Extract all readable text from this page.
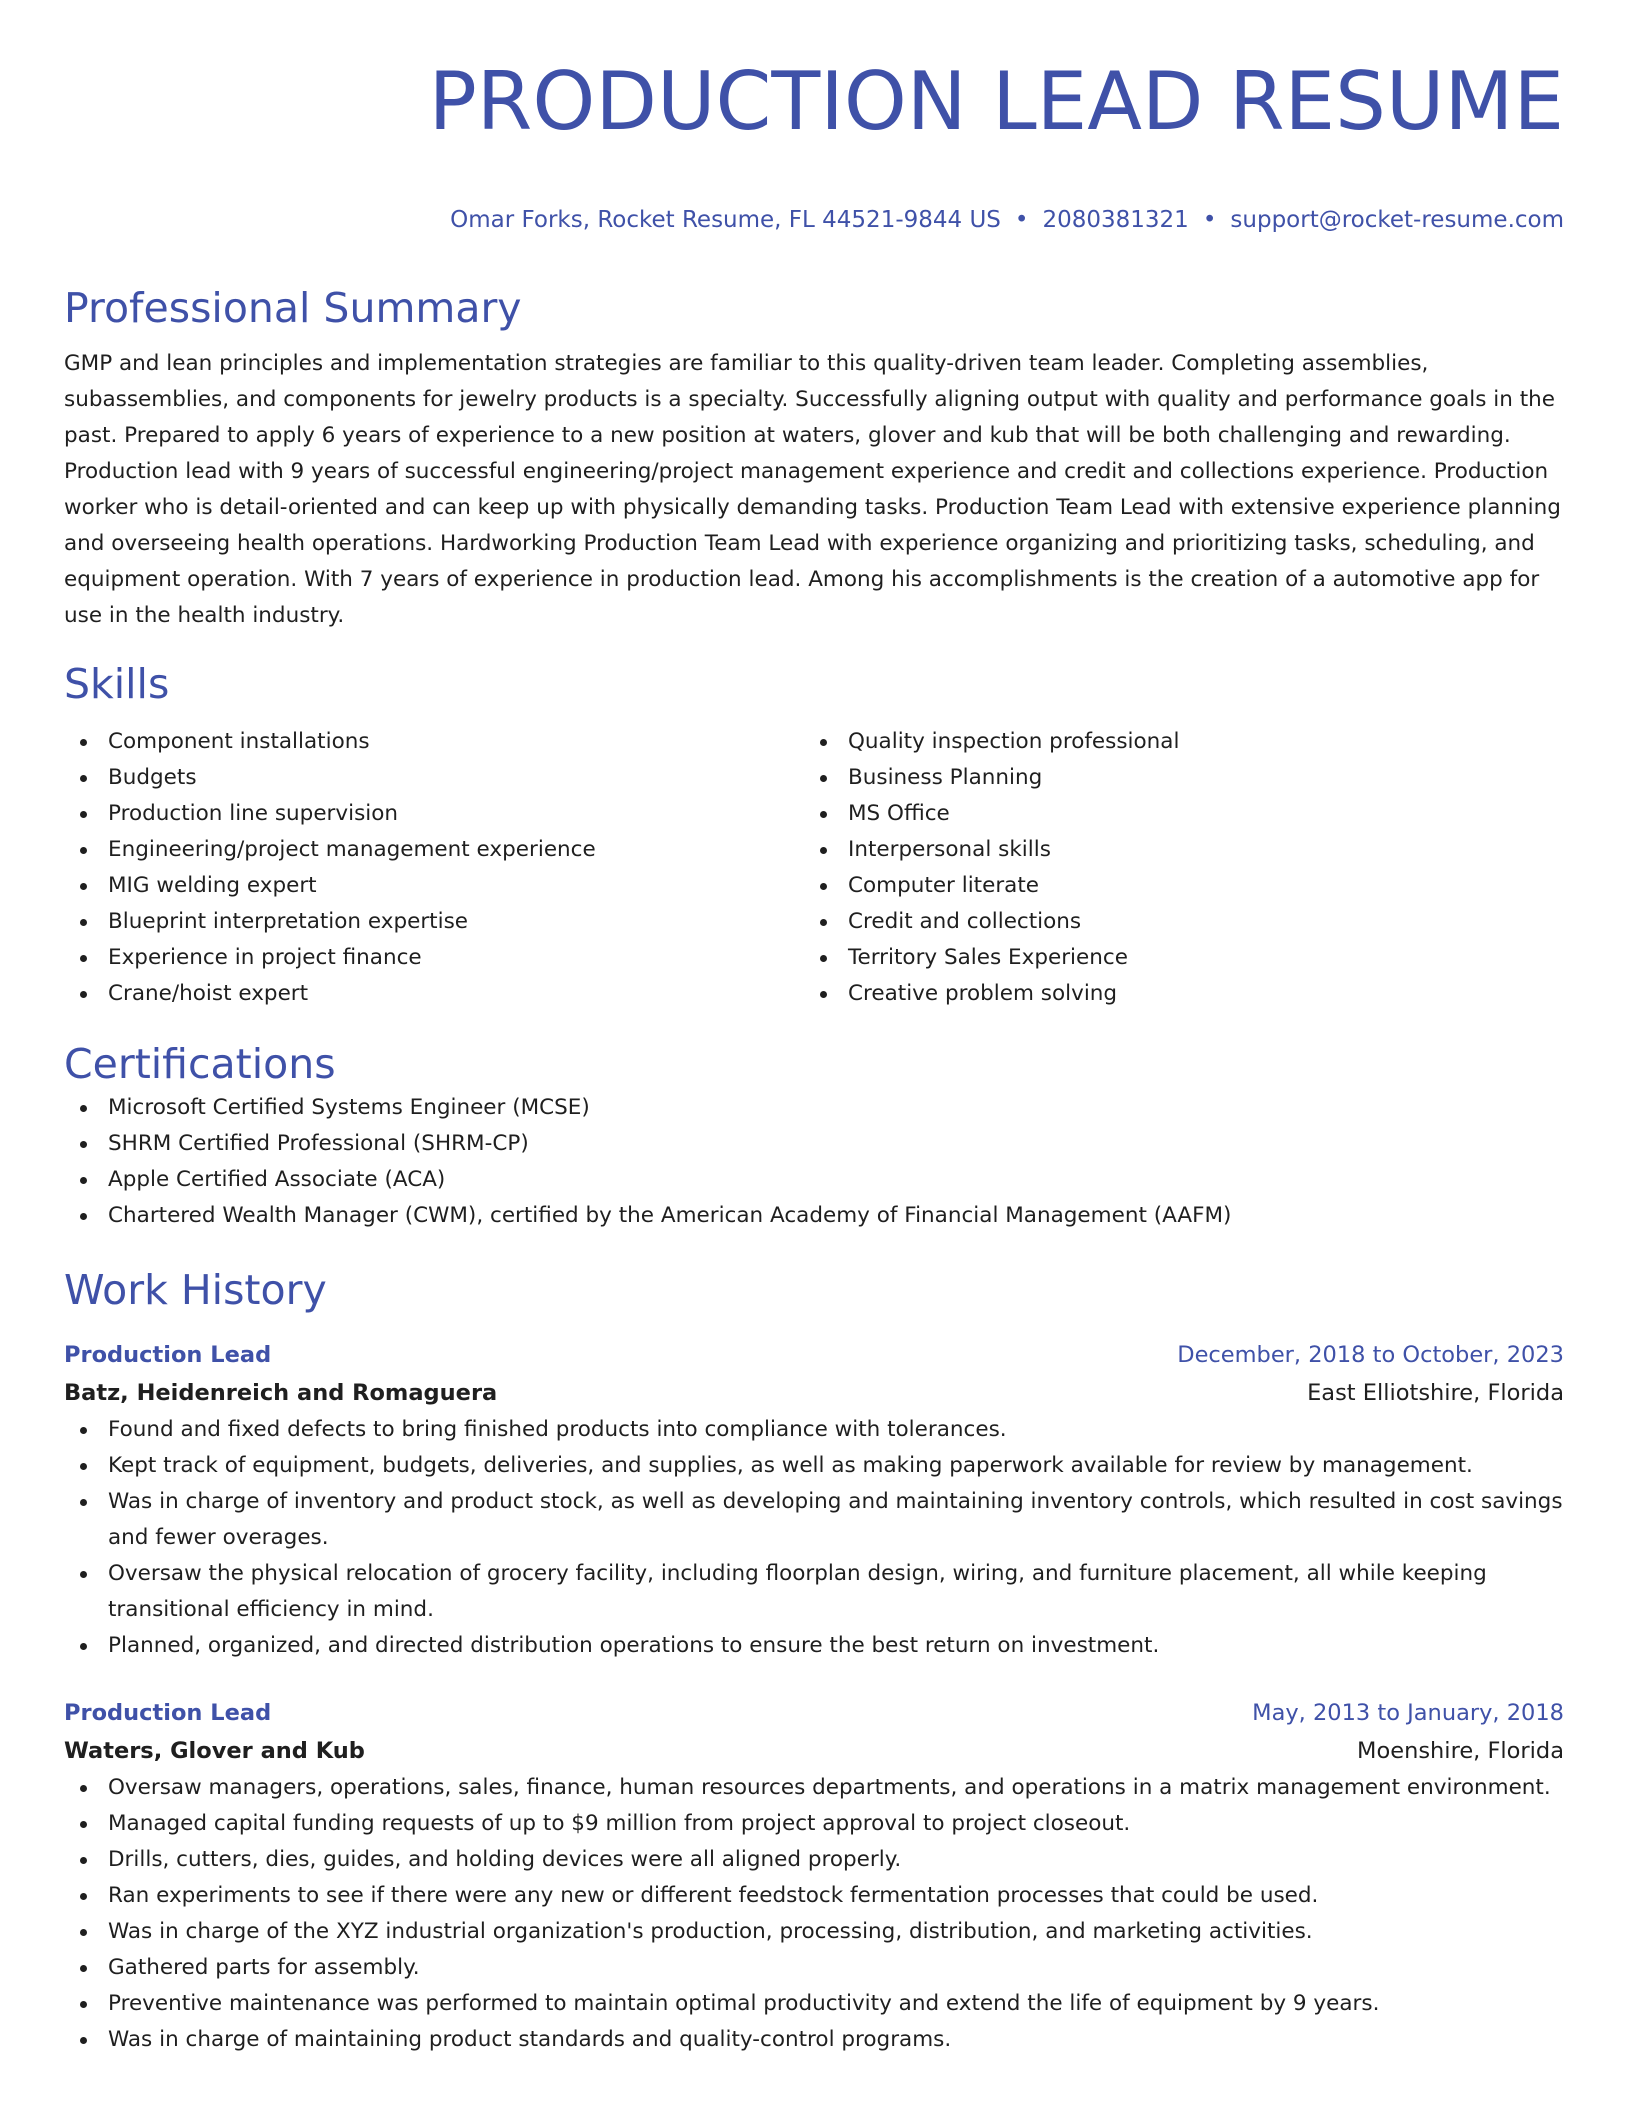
PRODUCTION LEAD RESUME
Omar Forks, Rocket Resume, FL 44521-9844 US • 2080381321 • support@rocket-resume.com
Professional Summary

GMP and lean principles and implementation strategies are familiar to this quality-driven team leader. Completing assemblies, subassemblies, and components for jewelry products is a specialty. Successfully aligning output with quality and performance goals in the past. Prepared to apply 6 years of experience to a new position at waters, glover and kub that will be both challenging and rewarding. Production lead with 9 years of successful engineering/project management experience and credit and collections experience. Production worker who is detail-oriented and can keep up with physically demanding tasks. Production Team Lead with extensive experience planning and overseeing health operations. Hardworking Production Team Lead with experience organizing and prioritizing tasks, scheduling, and equipment operation. With 7 years of experience in production lead. Among his accomplishments is the creation of a automotive app for use in the health industry.

Skills
Component installations
Budgets
Production line supervision
Engineering/project management experience
MIG welding expert
Blueprint interpretation expertise
Experience in project finance
Crane/hoist expert
Quality inspection professional
Business Planning
MS Office
Interpersonal skills
Computer literate
Credit and collections
Territory Sales Experience
Creative problem solving
Certifications
Microsoft Certified Systems Engineer (MCSE)
SHRM Certified Professional (SHRM-CP)
Apple Certified Associate (ACA)
Chartered Wealth Manager (CWM), certified by the American Academy of Financial Management (AAFM)
Work History
Production Lead	December, 2018 to October, 2023
Batz, Heidenreich and Romaguera	East Elliotshire, Florida
Found and fixed defects to bring finished products into compliance with tolerances.
Kept track of equipment, budgets, deliveries, and supplies, as well as making paperwork available for review by management.
Was in charge of inventory and product stock, as well as developing and maintaining inventory controls, which resulted in cost savings and fewer overages.
Oversaw the physical relocation of grocery facility, including floorplan design, wiring, and furniture placement, all while keeping transitional efficiency in mind.
Planned, organized, and directed distribution operations to ensure the best return on investment.
Production Lead	May, 2013 to January, 2018
Waters, Glover and Kub	Moenshire, Florida
Oversaw managers, operations, sales, finance, human resources departments, and operations in a matrix management environment.
Managed capital funding requests of up to $9 million from project approval to project closeout.
Drills, cutters, dies, guides, and holding devices were all aligned properly.
Ran experiments to see if there were any new or different feedstock fermentation processes that could be used.
Was in charge of the XYZ industrial organization's production, processing, distribution, and marketing activities.
Gathered parts for assembly.
Preventive maintenance was performed to maintain optimal productivity and extend the life of equipment by 9 years.
Was in charge of maintaining product standards and quality-control programs.
